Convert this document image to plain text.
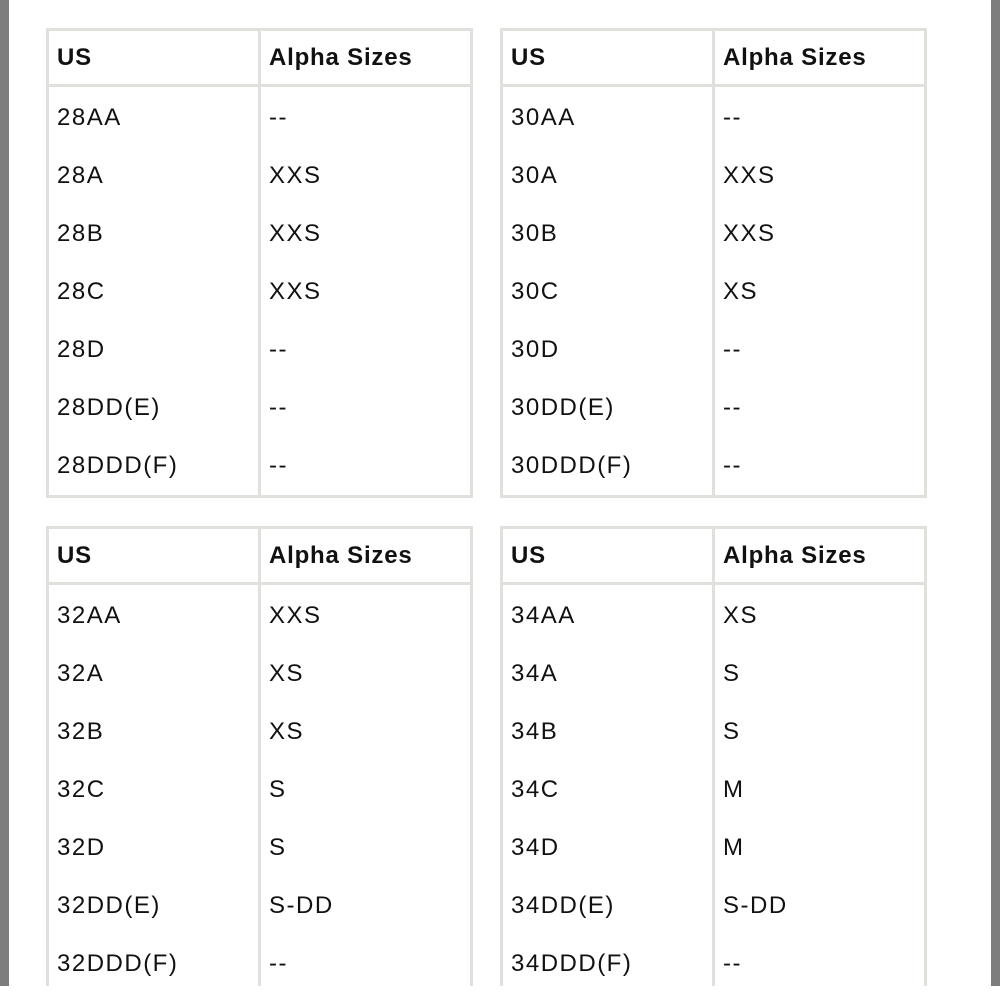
US	Alpha Sizes
28AA	--
28A	XXS
28B	XXS
28C	XXS
28D	--
28DD(E)	--
28DDD(F)	--
US	Alpha Sizes
30AA	--
30A	XXS
30B	XXS
30C	XS
30D	--
30DD(E)	--
30DDD(F)	--
US	Alpha Sizes
32AA	XXS
32A	XS
32B	XS
32C	S
32D	S
32DD(E)	S-DD
32DDD(F)	--
US	Alpha Sizes
34AA	XS
34A	S
34B	S
34C	M
34D	M
34DD(E)	S-DD
34DDD(F)	--
